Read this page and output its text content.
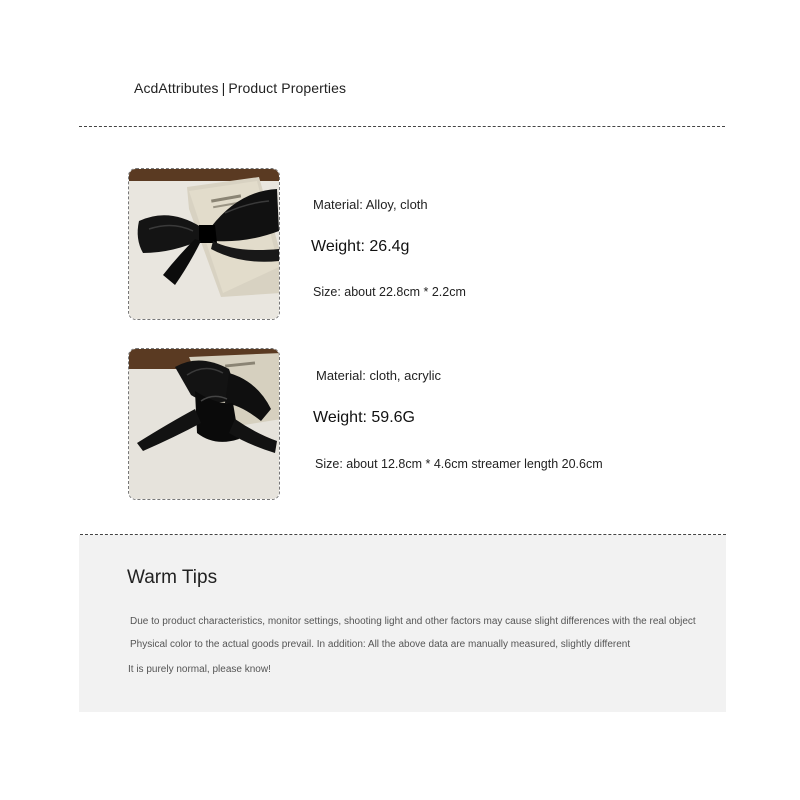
AcdAttributes | Product Properties
Material: Alloy, cloth
Weight: 26.4g
Size: about 22.8cm * 2.2cm
Material: cloth, acrylic
Weight: 59.6G
Size: about 12.8cm * 4.6cm streamer length 20.6cm
Warm Tips
Due to product characteristics, monitor settings, shooting light and other factors may cause slight differences with the real object
Physical color to the actual goods prevail. In addition: All the above data are manually measured, slightly different
It is purely normal, please know!
